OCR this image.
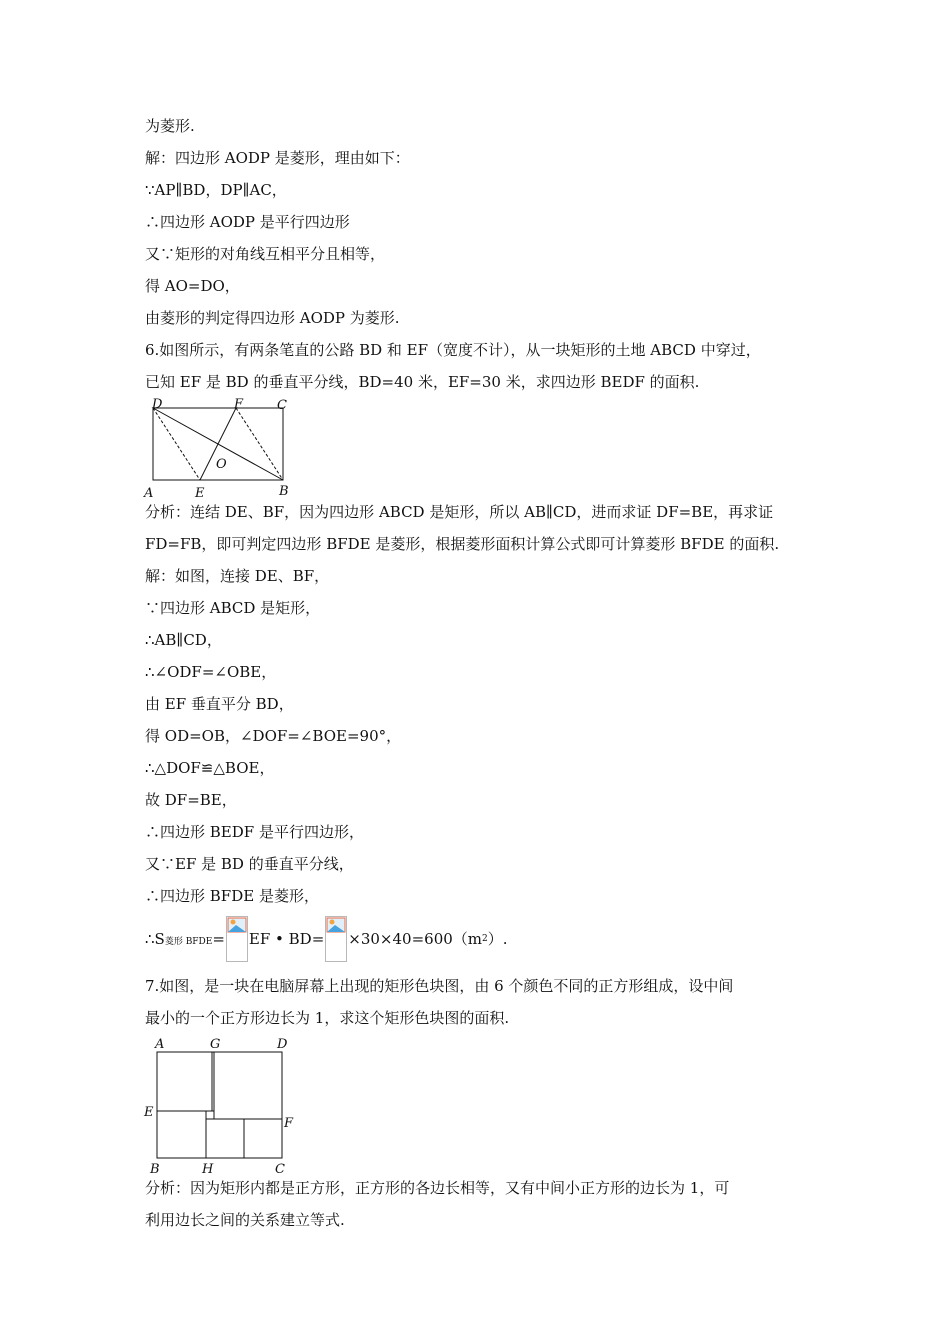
为菱形.
解：四边形 AODP 是菱形，理由如下：
∵AP∥BD，DP∥AC，
∴四边形 AODP 是平行四边形
又∵矩形的对角线互相平分且相等，
得 AO=DO，
由菱形的判定得四边形 AODP 为菱形.
6.如图所示，有两条笔直的公路 BD 和 EF（宽度不计），从一块矩形的土地 ABCD 中穿过，
已知 EF 是 BD 的垂直平分线，BD=40 米，EF=30 米，求四边形 BEDF 的面积.
D	F	C
O
A	E	B
分析：连结 DE、BF，因为四边形 ABCD 是矩形，所以 AB∥CD，进而求证 DF=BE，再求证
FD=FB，即可判定四边形 BFDE 是菱形，根据菱形面积计算公式即可计算菱形 BFDE 的面积.
解：如图，连接 DE、BF，
∵四边形 ABCD 是矩形，
∴AB∥CD，
∴∠ODF=∠OBE，
由 EF 垂直平分 BD，
得 OD=OB，∠DOF=∠BOE=90°，
∴△DOF≌△BOE，
故 DF=BE，
∴四边形 BEDF 是平行四边形，
又∵EF 是 BD 的垂直平分线，
∴四边形 BFDE 是菱形，
∴S 菱形 BFDE = EF • BD= ×30×40=600（m 2 ）.
7.如图，是一块在电脑屏幕上出现的矩形色块图，由 6 个颜色不同的正方形组成，设中间
最小的一个正方形边长为 1，求这个矩形色块图的面积.
A	G	D
E
F
B	H	C
分析：因为矩形内都是正方形，正方形的各边长相等，又有中间小正方形的边长为 1，可
利用边长之间的关系建立等式.
